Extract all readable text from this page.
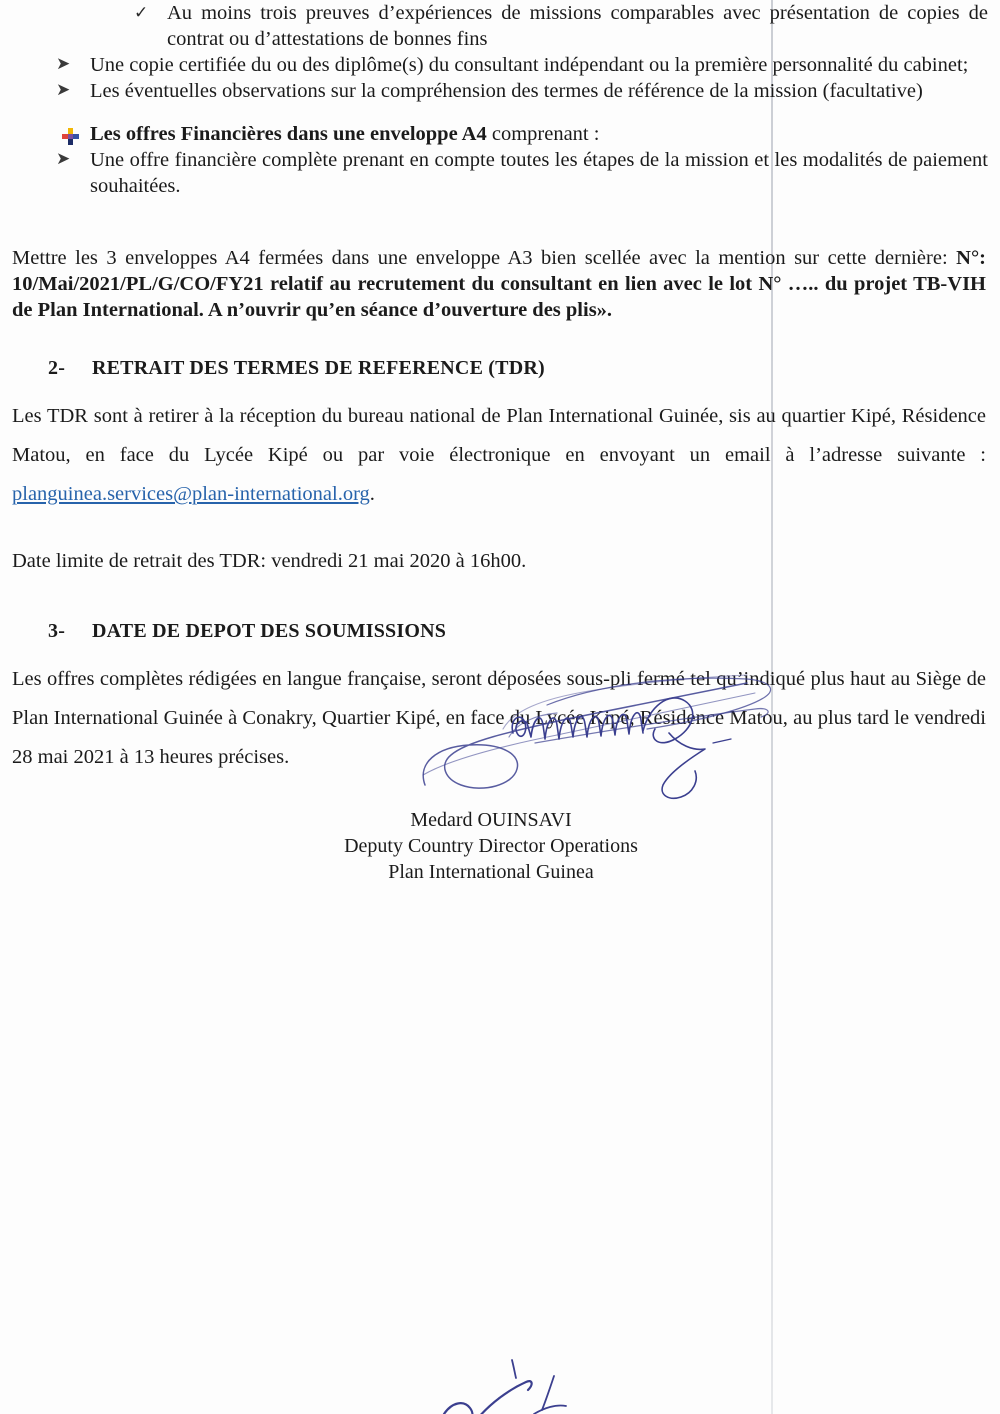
✓ Au moins trois preuves d’expériences de missions comparables avec présentation de copies de contrat ou d’attestations de bonnes fins
➤ Une copie certifiée du ou des diplôme(s) du consultant indépendant ou la première personnalité du cabinet;
➤ Les éventuelles observations sur la compréhension des termes de référence de la mission (facultative)
Les offres Financières dans une enveloppe A4 comprenant :
➤ Une offre financière complète prenant en compte toutes les étapes de la mission et les modalités de paiement souhaitées.

Mettre les 3 enveloppes A4 fermées dans une enveloppe A3 bien scellée avec la mention sur cette dernière: N°: 10/Mai/2021/PL/G/CO/FY21 relatif au recrutement du consultant en lien avec le lot N° ….. du projet TB-VIH de Plan International. A n’ouvrir qu’en séance d’ouverture des plis».

2-	RETRAIT DES TERMES DE REFERENCE (TDR)

Les TDR sont à retirer à la réception du bureau national de Plan International Guinée, sis au quartier Kipé, Résidence Matou, en face du Lycée Kipé ou par voie électronique en envoyant un email à l’adresse suivante : planguinea.services@plan-international.org.

Date limite de retrait des TDR: vendredi 21 mai 2020 à 16h00.

3-	DATE DE DEPOT DES SOUMISSIONS

Les offres complètes rédigées en langue française, seront déposées sous-pli fermé tel qu’indiqué plus haut au Siège de Plan International Guinée à Conakry, Quartier Kipé, en face du Lycée Kipé, Résidence Matou, au plus tard le vendredi 28 mai 2021 à 13 heures précises.

Medard OUINSAVI
Deputy Country Director Operations
Plan International Guinea
